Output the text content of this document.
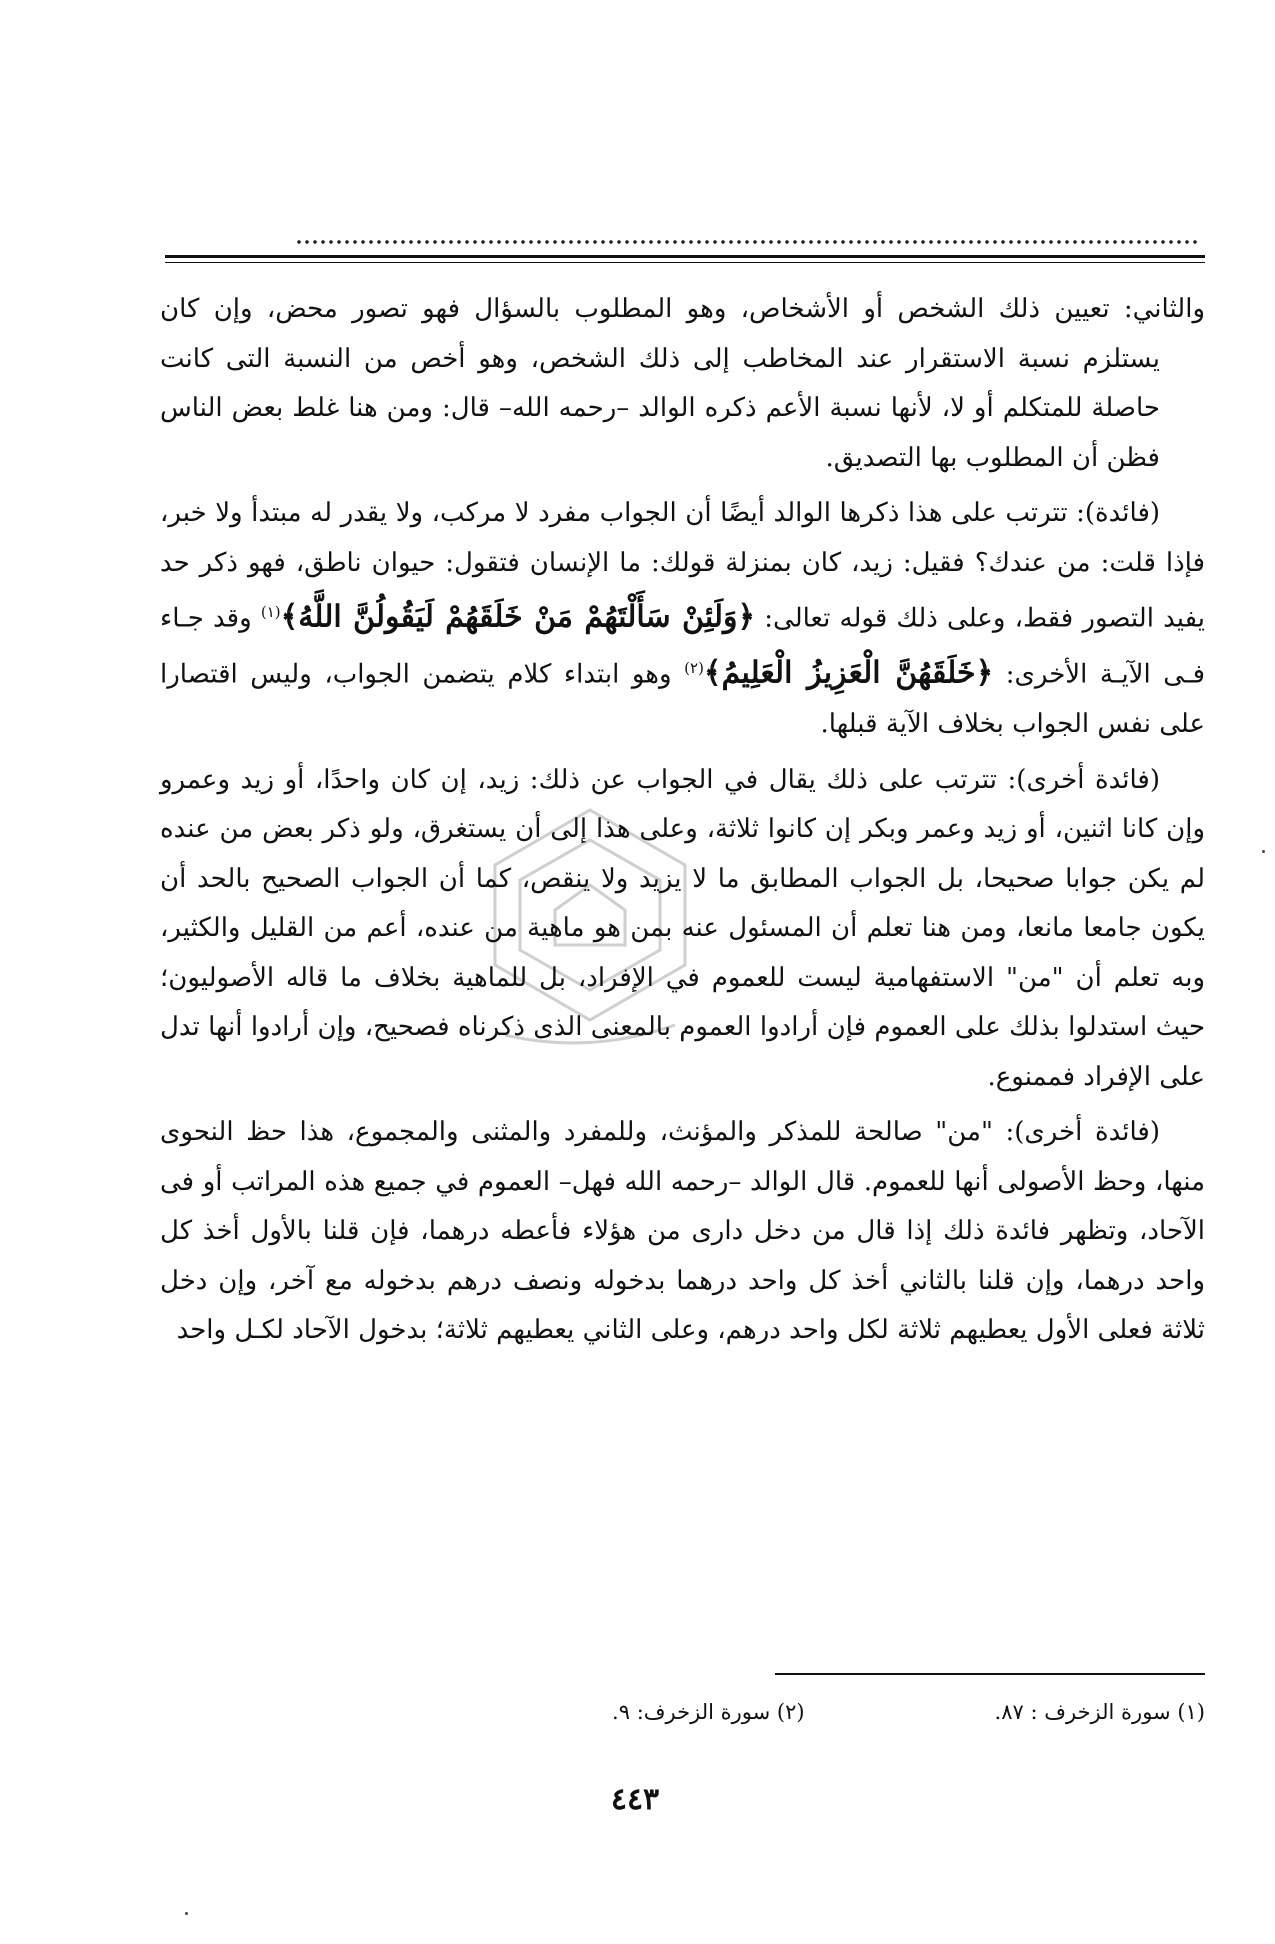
والثاني: تعيين ذلك الشخص أو الأشخاص، وهو المطلوب بالسؤال فهو تصور محض، وإن كان يستلزم نسبة الاستقرار عند المخاطب إلى ذلك الشخص، وهو أخص من النسبة التى كانت حاصلة للمتكلم أو لا، لأنها نسبة الأعم ذكره الوالد –رحمه الله– قال: ومن هنا غلط بعض الناس فظن أن المطلوب بها التصديق.

(فائدة): تترتب على هذا ذكرها الوالد أيضًا أن الجواب مفرد لا مركب، ولا يقدر له مبتدأ ولا خبر، فإذا قلت: من عندك؟ فقيل: زيد، كان بمنزلة قولك: ما الإنسان فتقول: حيوان ناطق، فهو ذكر حد يفيد التصور فقط، وعلى ذلك قوله تعالى: ﴿وَلَئِنْ سَأَلْتَهُمْ مَنْ خَلَقَهُمْ لَيَقُولُنَّ اللَّهُ﴾$^{(١)}$ وقد جـاء فـى الآيـة الأخرى: ﴿خَلَقَهُنَّ الْعَزِيزُ الْعَلِيمُ﴾$^{(٢)}$ وهو ابتداء كلام يتضمن الجواب، وليس اقتصارا على نفس الجواب بخلاف الآية قبلها.

(فائدة أخرى): تترتب على ذلك يقال في الجواب عن ذلك: زيد، إن كان واحدًا، أو زيد وعمرو وإن كانا اثنين، أو زيد وعمر وبكر إن كانوا ثلاثة، وعلى هذا إلى أن يستغرق، ولو ذكر بعض من عنده لم يكن جوابا صحيحا، بل الجواب المطابق ما لا يزيد ولا ينقص، كما أن الجواب الصحيح بالحد أن يكون جامعا مانعا، ومن هنا تعلم أن المسئول عنه بمن هو ماهية من عنده، أعم من القليل والكثير، وبه تعلم أن "من" الاستفهامية ليست للعموم في الإفراد، بل للماهية بخلاف ما قاله الأصوليون؛ حيث استدلوا بذلك على العموم فإن أرادوا العموم بالمعنى الذى ذكرناه فصحيح، وإن أرادوا أنها تدل على الإفراد فممنوع.

(فائدة أخرى): "من" صالحة للمذكر والمؤنث، وللمفرد والمثنى والمجموع، هذا حظ النحوى منها، وحظ الأصولى أنها للعموم. قال الوالد –رحمه الله فهل– العموم في جميع هذه المراتب أو فى الآحاد، وتظهر فائدة ذلك إذا قال من دخل دارى من هؤلاء فأعطه درهما، فإن قلنا بالأول أخذ كل واحد درهما، وإن قلنا بالثاني أخذ كل واحد درهما بدخوله ونصف درهم بدخوله مع آخر، وإن دخل ثلاثة فعلى الأول يعطيهم ثلاثة لكل واحد درهم، وعلى الثاني يعطيهم ثلاثة؛ بدخول الآحاد لكـل واحد

(١) سورة الزخرف : ٨٧.
(٢) سورة الزخرف: ٩.
٤٤٣
